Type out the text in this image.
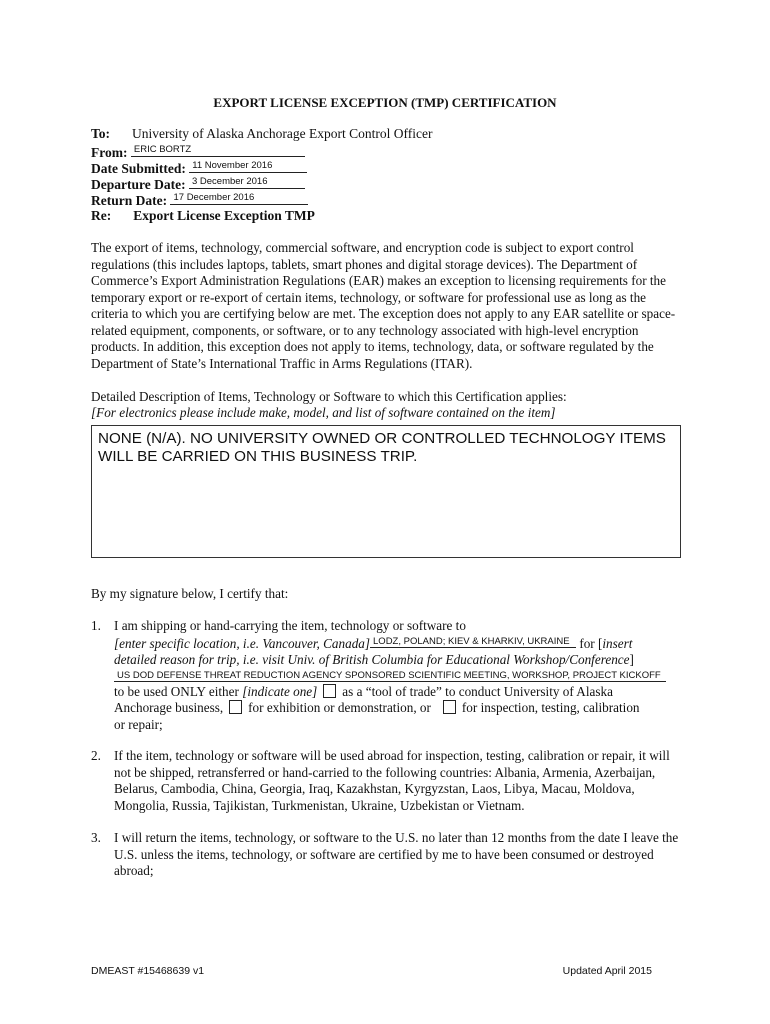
EXPORT LICENSE EXCEPTION (TMP) CERTIFICATION
To: University of Alaska Anchorage Export Control Officer
From: ERIC BORTZ
Date Submitted: 11 November 2016
Departure Date: 3 December 2016
Return Date: 17 December 2016
Re: Export License Exception TMP
The export of items, technology, commercial software, and encryption code is subject to export control regulations (this includes laptops, tablets, smart phones and digital storage devices). The Department of Commerce’s Export Administration Regulations (EAR) makes an exception to licensing requirements for the temporary export or re-export of certain items, technology, or software for professional use as long as the criteria to which you are certifying below are met. The exception does not apply to any EAR satellite or space-related equipment, components, or software, or to any technology associated with high-level encryption products. In addition, this exception does not apply to items, technology, data, or software regulated by the Department of State’s International Traffic in Arms Regulations (ITAR).
Detailed Description of Items, Technology or Software to which this Certification applies:
[For electronics please include make, model, and list of software contained on the item]
NONE (N/A). NO UNIVERSITY OWNED OR CONTROLLED TECHNOLOGY ITEMS WILL BE CARRIED ON THIS BUSINESS TRIP.
By my signature below, I certify that:
1. I am shipping or hand-carrying the item, technology or software to
[enter specific location, i.e. Vancouver, Canada] LODZ, POLAND; KIEV & KHARKIV, UKRAINE for [insert
detailed reason for trip, i.e. visit Univ. of British Columbia for Educational Workshop/Conference]
US DOD DEFENSE THREAT REDUCTION AGENCY SPONSORED SCIENTIFIC MEETING, WORKSHOP, PROJECT KICKOFF
to be used ONLY either [indicate one] as a “tool of trade” to conduct University of Alaska
Anchorage business, for exhibition or demonstration, or for inspection, testing, calibration
or repair;
2. If the item, technology or software will be used abroad for inspection, testing, calibration or repair, it will not be shipped, retransferred or hand-carried to the following countries: Albania, Armenia, Azerbaijan, Belarus, Cambodia, China, Georgia, Iraq, Kazakhstan, Kyrgyzstan, Laos, Libya, Macau, Moldova, Mongolia, Russia, Tajikistan, Turkmenistan, Ukraine, Uzbekistan or Vietnam.
3. I will return the items, technology, or software to the U.S. no later than 12 months from the date I leave the U.S. unless the items, technology, or software are certified by me to have been consumed or destroyed abroad;
DMEAST #15468639 v1	Updated April 2015
